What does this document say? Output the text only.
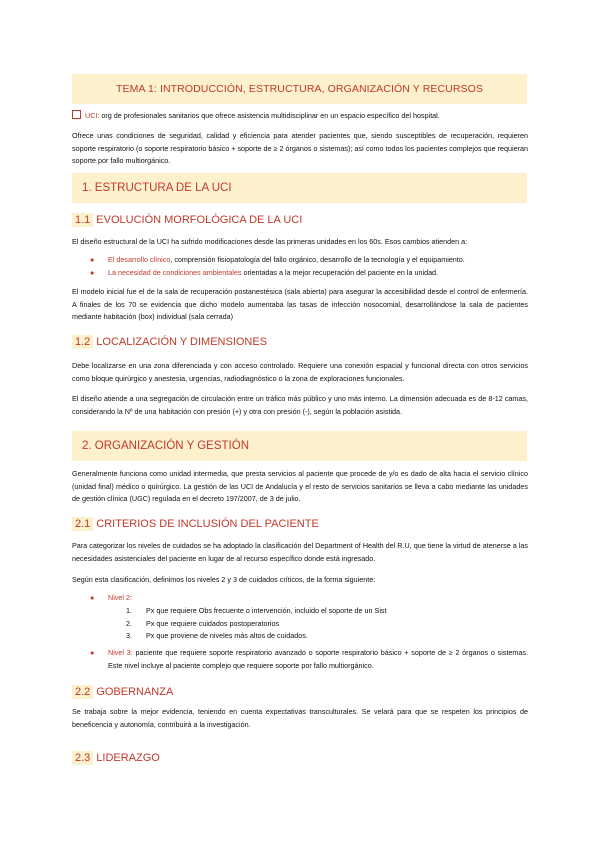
TEMA 1: INTRODUCCIÓN, ESTRUCTURA, ORGANIZACIÓN Y RECURSOS
UCI: org de profesionales sanitarios que ofrece asistencia multidisciplinar en un espacio específico del hospital.
Ofrece unas condiciones de seguridad, calidad y eficiencia para atender pacientes que, siendo susceptibles de recuperación, requieren soporte respiratorio (o soporte respiratorio básico + soporte de ≥ 2 órganos o sistemas); así como todos los pacientes complejos que requieran soporte por fallo multiorgánico.
1. ESTRUCTURA DE LA UCI
1.1 EVOLUCIÓN MORFOLÓGICA DE LA UCI
El diseño estructural de la UCI ha sufrido modificaciones desde las primeras unidades en los 60s. Esos cambios atienden a:
● El desarrollo clínico, comprensión fisiopatología del fallo orgánico, desarrollo de la tecnología y el equipamiento.
● La necesidad de condiciones ambientales orientadas a la mejor recuperación del paciente en la unidad.
El modelo inicial fue el de la sala de recuperación postanestésica (sala abierta) para asegurar la accesibilidad desde el control de enfermería. A finales de los 70 se evidencia que dicho modelo aumentaba las tasas de infección nosocomial, desarrollándose la sala de pacientes mediante habitación (box) individual (sala cerrada)
1.2 LOCALIZACIÓN Y DIMENSIONES
Debe localizarse en una zona diferenciada y con acceso controlado. Requiere una conexión espacial y funcional directa con otros servicios como bloque quirúrgico y anestesia, urgencias, radiodiagnóstico o la zona de exploraciones funcionales.
El diseño atiende a una segregación de circulación entre un tráfico más público y uno más interno. La dimensión adecuada es de 8-12 camas, considerando la Nº de una habitación con presión (+) y otra con presión (-), según la población asistida.
2. ORGANIZACIÓN Y GESTIÓN
Generalmente funciona como unidad intermedia, que presta servicios al paciente que procede de y/o es dado de alta hacia el servicio clínico (unidad final) médico o quirúrgico. La gestión de las UCI de Andalucía y el resto de servicios sanitarios se lleva a cabo mediante las unidades de gestión clínica (UGC) regulada en el decreto 197/2007, de 3 de julio.
2.1 CRITERIOS DE INCLUSIÓN DEL PACIENTE
Para categorizar los niveles de cuidados se ha adoptado la clasificación del Department of Health del R.U, que tiene la virtud de atenerse a las necesidades asistenciales del paciente en lugar de al recurso específico donde está ingresado.
Según esta clasificación, definimos los niveles 2 y 3 de cuidados críticos, de la forma siguiente:
● Nivel 2:
1. Px que requiere Obs frecuente o intervención, incluido el soporte de un Sist
2. Px que requiere cuidados postoperatorios
3. Px que proviene de niveles más altos de cuidados.
● Nivel 3: paciente que requiere soporte respiratorio avanzado o soporte respiratorio básico + soporte de ≥ 2 órganos o sistemas. Este nivel incluye al paciente complejo que requiere soporte por fallo multiorgánico.
2.2 GOBERNANZA
Se trabaja sobre la mejor evidencia, teniendo en cuenta expectativas transculturales. Se velará para que se respeten los principios de beneficencia y autonomía, contribuirá a la investigación.
2.3 LIDERAZGO
